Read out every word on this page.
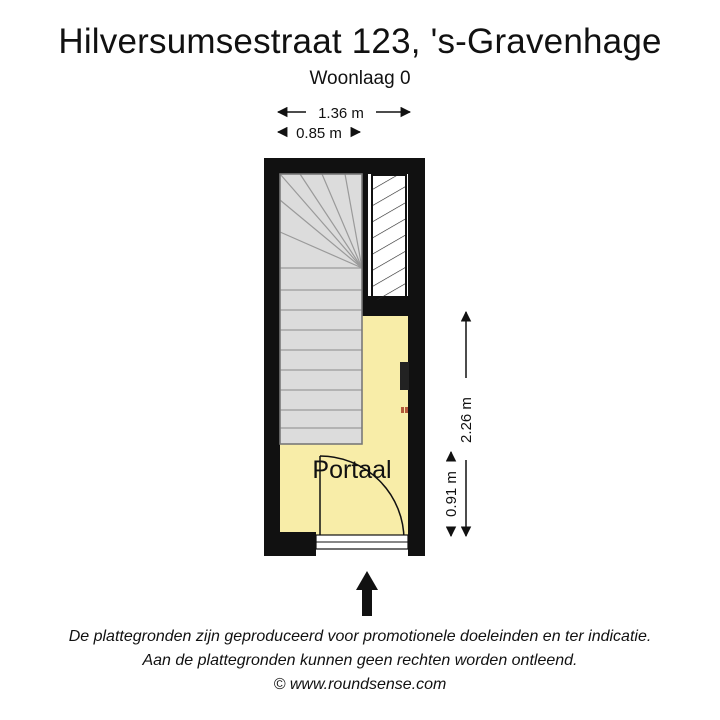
Hilversumsestraat 123, 's-Gravenhage
Woonlaag 0
1.36 m
0.85 m
Portaal
2.26 m
0.91 m
De plattegronden zijn geproduceerd voor promotionele doeleinden en ter indicatie.
Aan de plattegronden kunnen geen rechten worden ontleend.
© www.roundsense.com
